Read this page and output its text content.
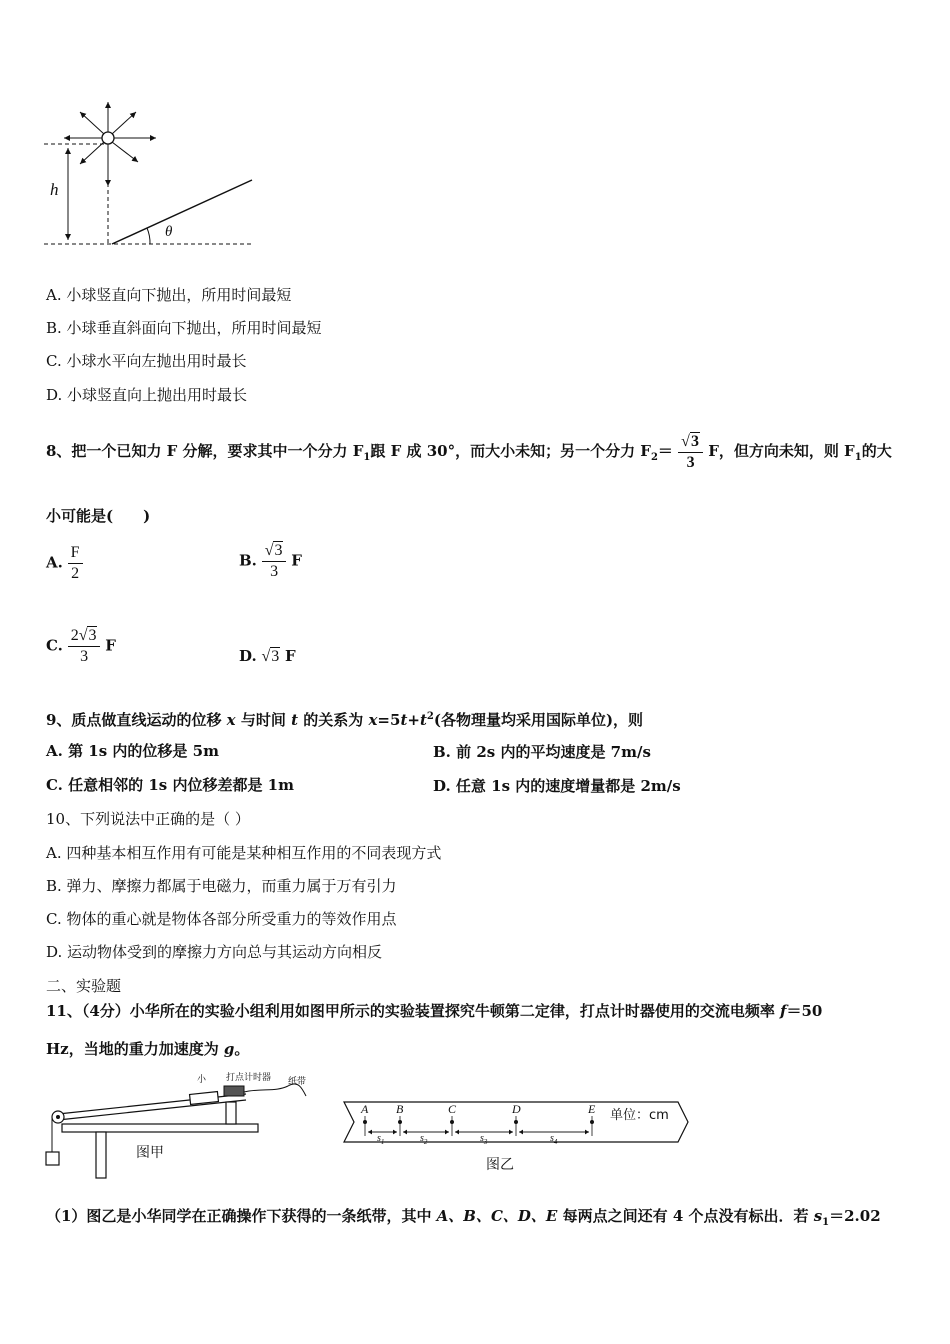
h
θ
A. 小球竖直向下抛出，所用时间最短
B. 小球垂直斜面向下抛出，所用时间最短
C. 小球水平向左抛出用时最长
D. 小球竖直向上抛出用时最长
8、把一个已知力 F 分解，要求其中一个分力 $F_1$跟 F 成 30°，而大小未知；另一个分力 $F_2= \frac{√3}{3}$ F，但方向未知，则 $F_1$的大
小可能是(　　)
A. $\frac{F}{2}$	B. $\frac{√3}{3}$ F
C. $\frac{2√3}{3}$ F
D. √3 F
9、质点做直线运动的位移 x 与时间 t 的关系为 $x=5t+t^2$(各物理量均采用国际单位)，则
A. 第 1s 内的位移是 5m	B. 前 2s 内的平均速度是 7m/s
C. 任意相邻的 1s 内位移差都是 1m	D. 任意 1s 内的速度增量都是 2m/s
10、下列说法中正确的是（ ）
A. 四种基本相互作用有可能是某种相互作用的不同表现方式
B. 弹力、摩擦力都属于电磁力，而重力属于万有引力
C. 物体的重心就是物体各部分所受重力的等效作用点
D. 运动物体受到的摩擦力方向总与其运动方向相反
二、实验题
11、（4分）小华所在的实验小组利用如图甲所示的实验装置探究牛顿第二定律，打点计时器使用的交流电频率 f＝50
Hz，当地的重力加速度为 g。
小 打点计时器 纸带
图甲
A B	C	D	E 单位：cm
$s_1$	$s_2$	$s_3$	$s_4$
图乙
（1）图乙是小华同学在正确操作下获得的一条纸带，其中 A、B、C、D、E 每两点之间还有 4 个点没有标出．若 $s_1=2.02$
